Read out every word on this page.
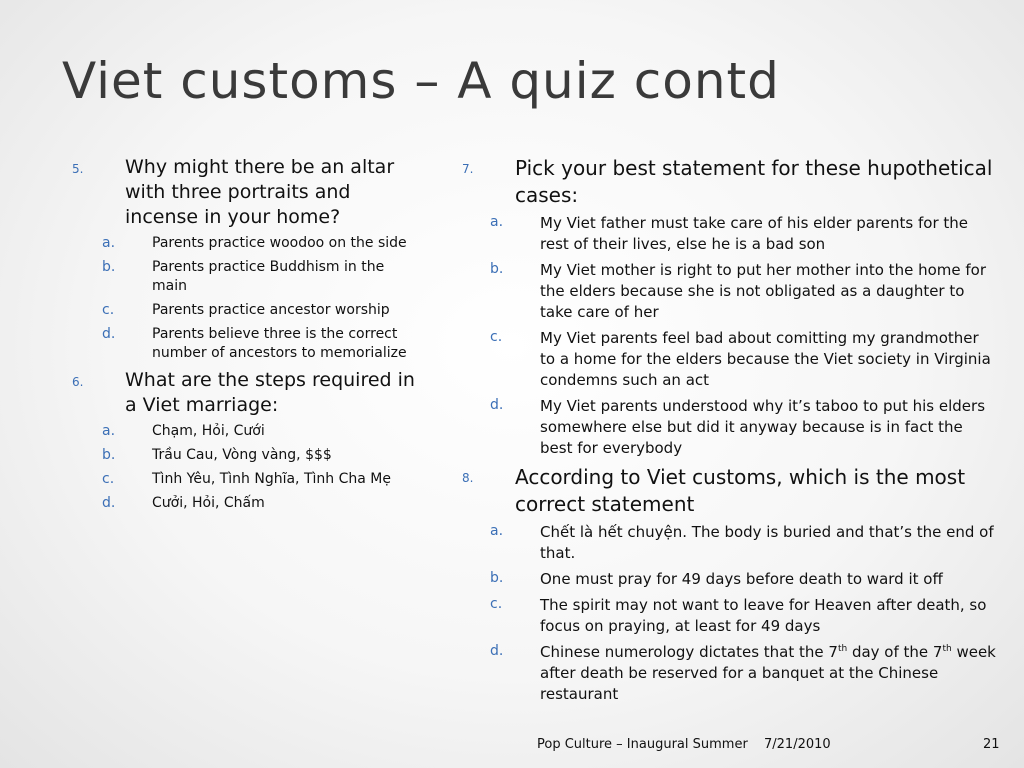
Viet customs – A quiz contd
5.	Why might there be an altar with three portraits and incense in your home?
a.	Parents practice woodoo on the side
b.	Parents practice Buddhism in the main
c.	Parents practice ancestor worship
d.	Parents believe three is the correct number of ancestors to memorialize
6.	What are the steps required in a Viet marriage:
a.	Chạm, Hỏi, Cưới
b.	Trầu Cau, Vòng vàng, $$$
c.	Tình Yêu, Tình Nghĩa, Tình Cha Mẹ
d.	Cưởi, Hỏi, Chấm
7.	Pick your best statement for these hupothetical cases:
a.	My Viet father must take care of his elder parents for the rest of their lives, else he is a bad son
b.	My Viet mother is right to put her mother into the home for the elders because she is not obligated as a daughter to take care of her
c.	My Viet parents feel bad about comitting my grandmother to a home for the elders because the Viet society in Virginia condemns such an act
d.	My Viet parents understood why it’s taboo to put his elders somewhere else but did it anyway because is in fact the best for everybody
8.	According to Viet customs, which is the most correct statement
a.	Chết là hết chuyện. The body is buried and that’s the end of that.
b.	One must pray for 49 days before death to ward it off
c.	The spirit may not want to leave for Heaven after death, so focus on praying, at least for 49 days
d.	Chinese numerology dictates that the 7th day of the 7th week after death be reserved for a banquet at the Chinese restaurant
Pop Culture – Inaugural Summer 7/21/2010	21
